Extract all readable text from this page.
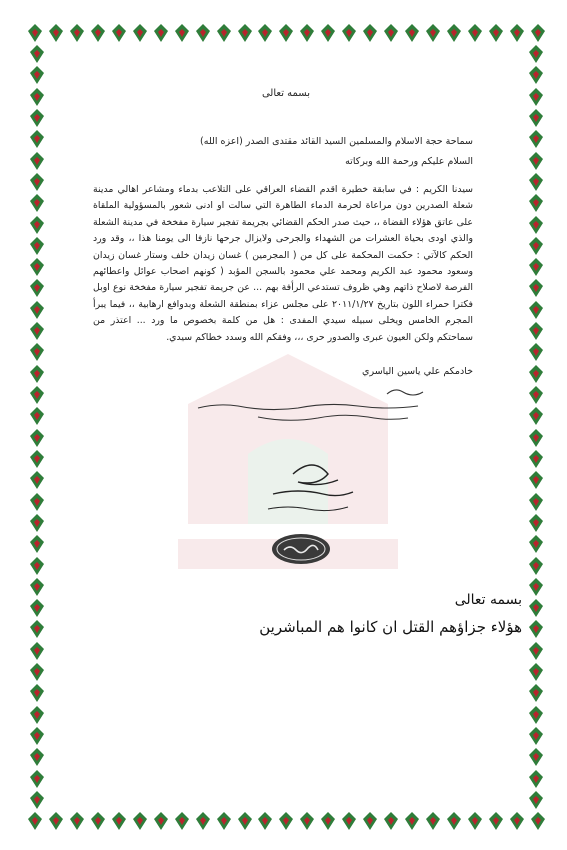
بسمه تعالى
سماحة حجة الاسلام والمسلمين السيد القائد مقتدى الصدر (اعزه الله)
السلام عليكم ورحمة الله وبركاته
سيدنا الكريم : في سابقة خطيرة اقدم القضاء العراقي على التلاعب بدماء ومشاعر اهالي مدينة شعلة الصدرين دون مراعاة لحرمة الدماء الطاهرة التي سالت او ادنى شعور بالمسؤولية الملقاة على عاتق هؤلاء القضاة ،، حيث صدر الحكم القضائي بجريمة تفجير سيارة مفخخة في مدينة الشعلة والذي اودى بحياة العشرات من الشهداء والجرحى ولايزال جرحها نازفا الى يومنا هذا ،، وقد ورد الحكم كالآتي : حكمت المحكمة على كل من ( المجرمين ) غسان زيدان خلف وستار غسان زيدان وسعود محمود عبد الكريم ومحمد علي محمود بالسجن المؤبد ( كونهم اصحاب عوائل واعطائهم الفرصة لاصلاح ذاتهم وهي ظروف تستدعي الرأفة بهم ... عن جريمة تفجير سيارة مفخخة نوع اوبل فكترا حمراء اللون بتاريخ ٢٠١١/١/٢٧ على مجلس عزاء بمنطقة الشعلة وبدوافع ارهابية ،، فيما يبرأ المجرم الخامس ويخلى سبيله سيدي المفدى : هل من كلمة بخصوص ما ورد ... اعتذر من سماحتكم ولكن العيون عبرى والصدور حرى ،،، وفقكم الله وسدد خطاكم سيدي.
خادمكم علي ياسين الياسري
بسمه تعالى
هؤلاء جزاؤهم القتل ان كانوا هم المباشرين
